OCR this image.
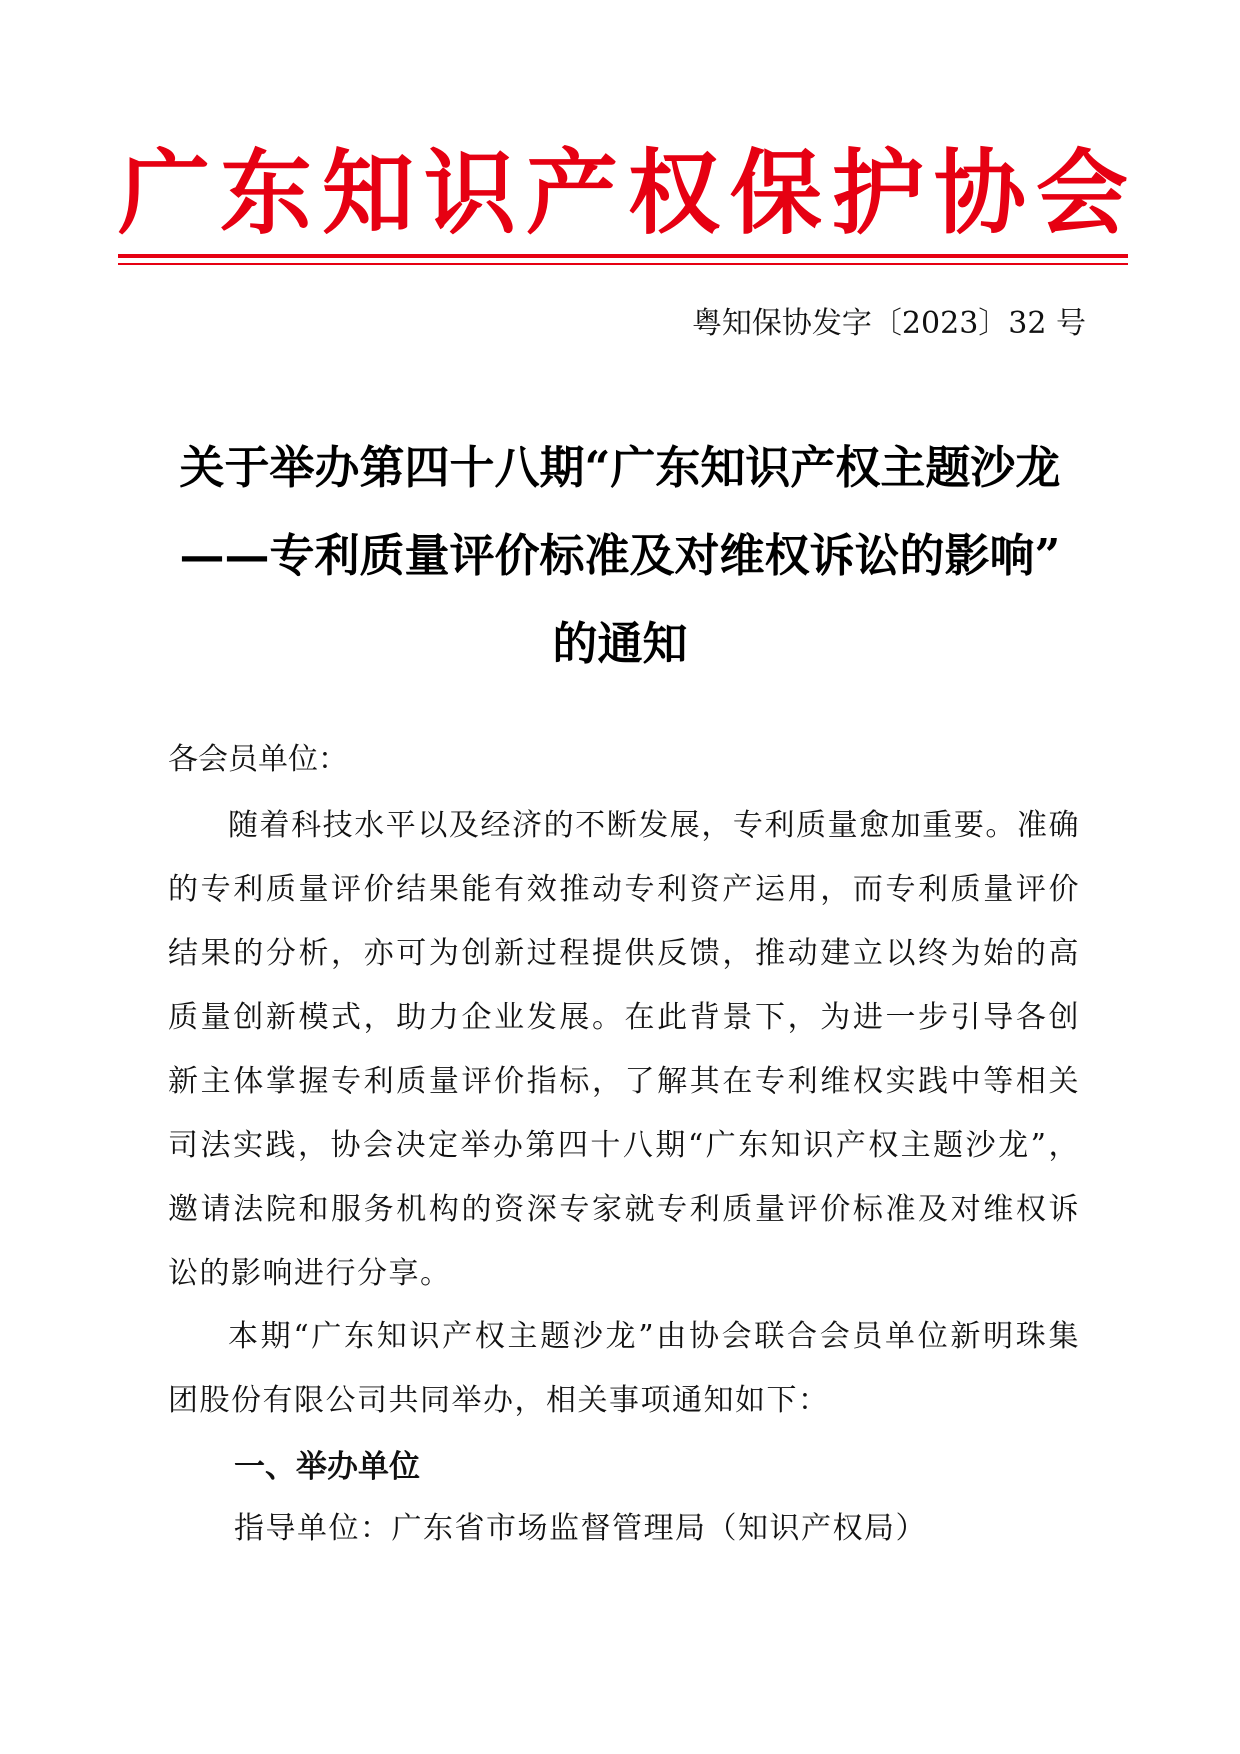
广 东 知 识 产 权 保 护 协 会
粤知保协发字〔2023〕32 号
关于举办第四十八期“广东知识产权主题沙龙
——专利质量评价标准及对维权诉讼的影响”
的通知
各会员单位：

随着科技水平以及经济的不断发展，专利质量愈加重要。准确的专利质量评价结果能有效推动专利资产运用，而专利质量评价结果的分析，亦可为创新过程提供反馈，推动建立以终为始的高质量创新模式，助力企业发展。在此背景下，为进一步引导各创新主体掌握专利质量评价指标，了解其在专利维权实践中等相关司法实践，协会决定举办第四十八期“广东知识产权主题沙龙”，邀请法院和服务机构的资深专家就专利质量评价标准及对维权诉讼的影响进行分享。

本期“广东知识产权主题沙龙”由协会联合会员单位新明珠集团股份有限公司共同举办，相关事项通知如下：

一、举办单位
指导单位：广东省市场监督管理局（知识产权局）
